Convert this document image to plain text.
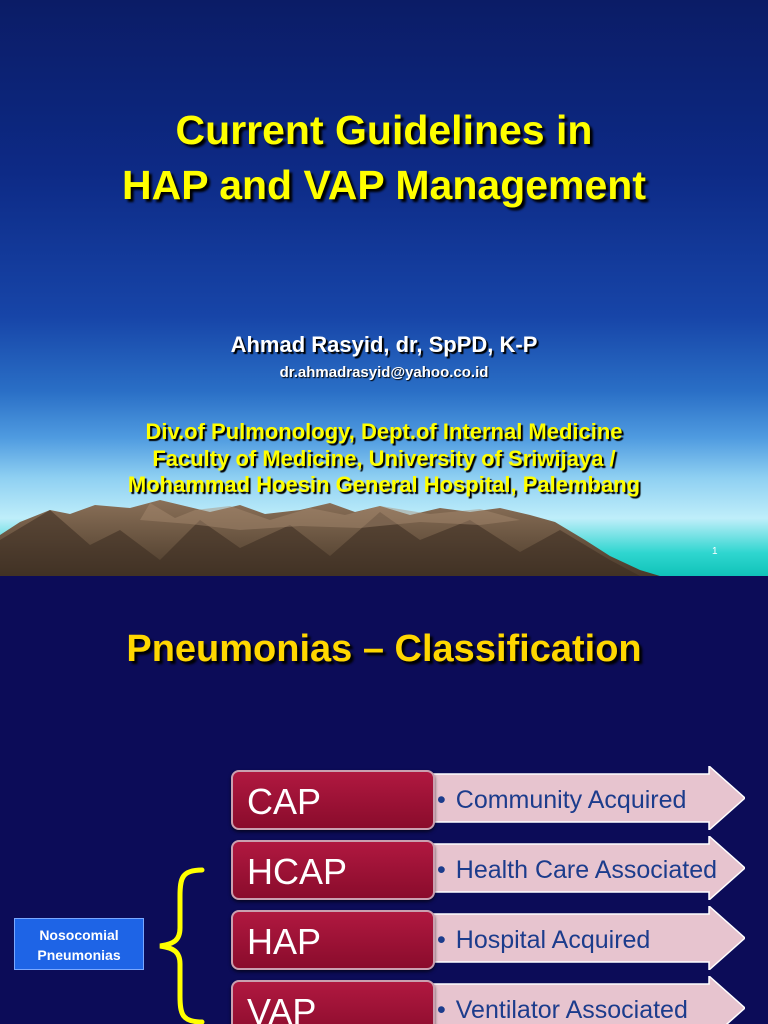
Current Guidelines in
HAP and VAP Management
Ahmad Rasyid, dr, SpPD, K-P
dr.ahmadrasyid@yahoo.co.id
Div.of Pulmonology, Dept.of Internal Medicine
Faculty of Medicine, University of Sriwijaya /
Mohammad Hoesin General Hospital, Palembang
1
Pneumonias – Classification
• Community Acquired
CAP
• Health Care Associated
HCAP
• Hospital Acquired
HAP
• Ventilator Associated
VAP
Nosocomial
Pneumonias
